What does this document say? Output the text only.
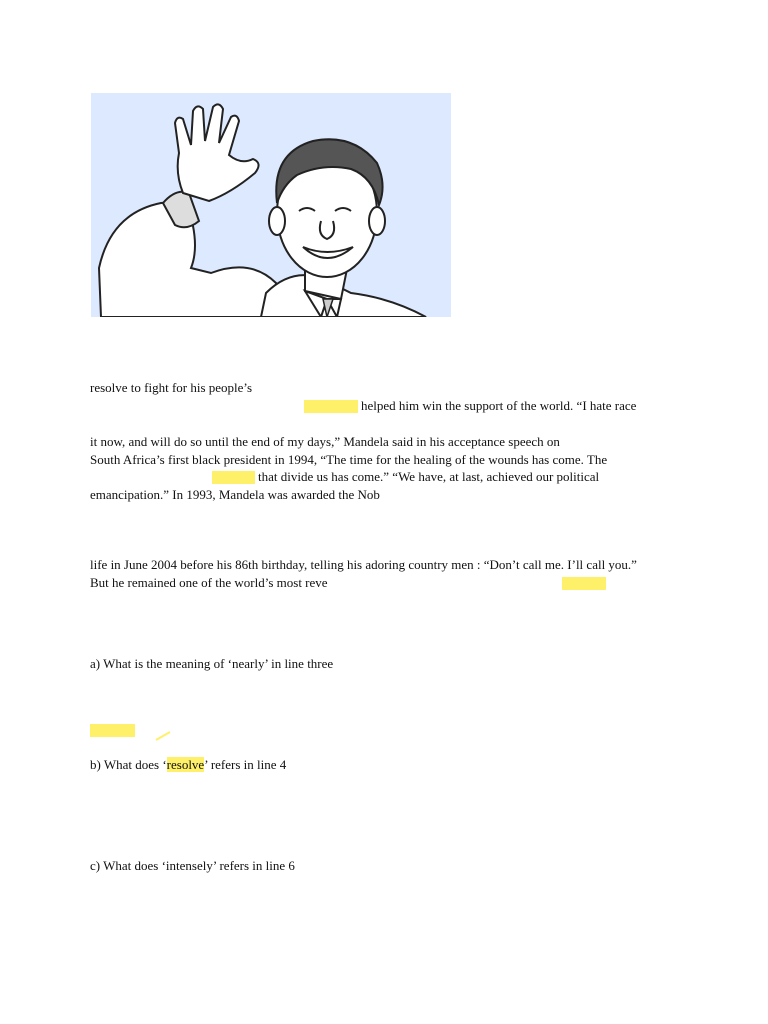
resolve to fight for his people’s
helped him win the support of the world. “I hate race
it now, and will do so until the end of my days,” Mandela said in his acceptance speech on
South Africa’s first black president in 1994, “The time for the healing of the wounds has come. The
that divide us has come.” “We have, at last, achieved our political
emancipation.” In 1993, Mandela was awarded the Nob
life in June 2004 before his 86th birthday, telling his adoring country men : “Don’t call me. I’ll call you.”
But he remained one of the world’s most reve
a) What is the meaning of ‘nearly’ in line three
b) What does ‘resolve’ refers in line 4
c) What does ‘intensely’ refers in line 6
